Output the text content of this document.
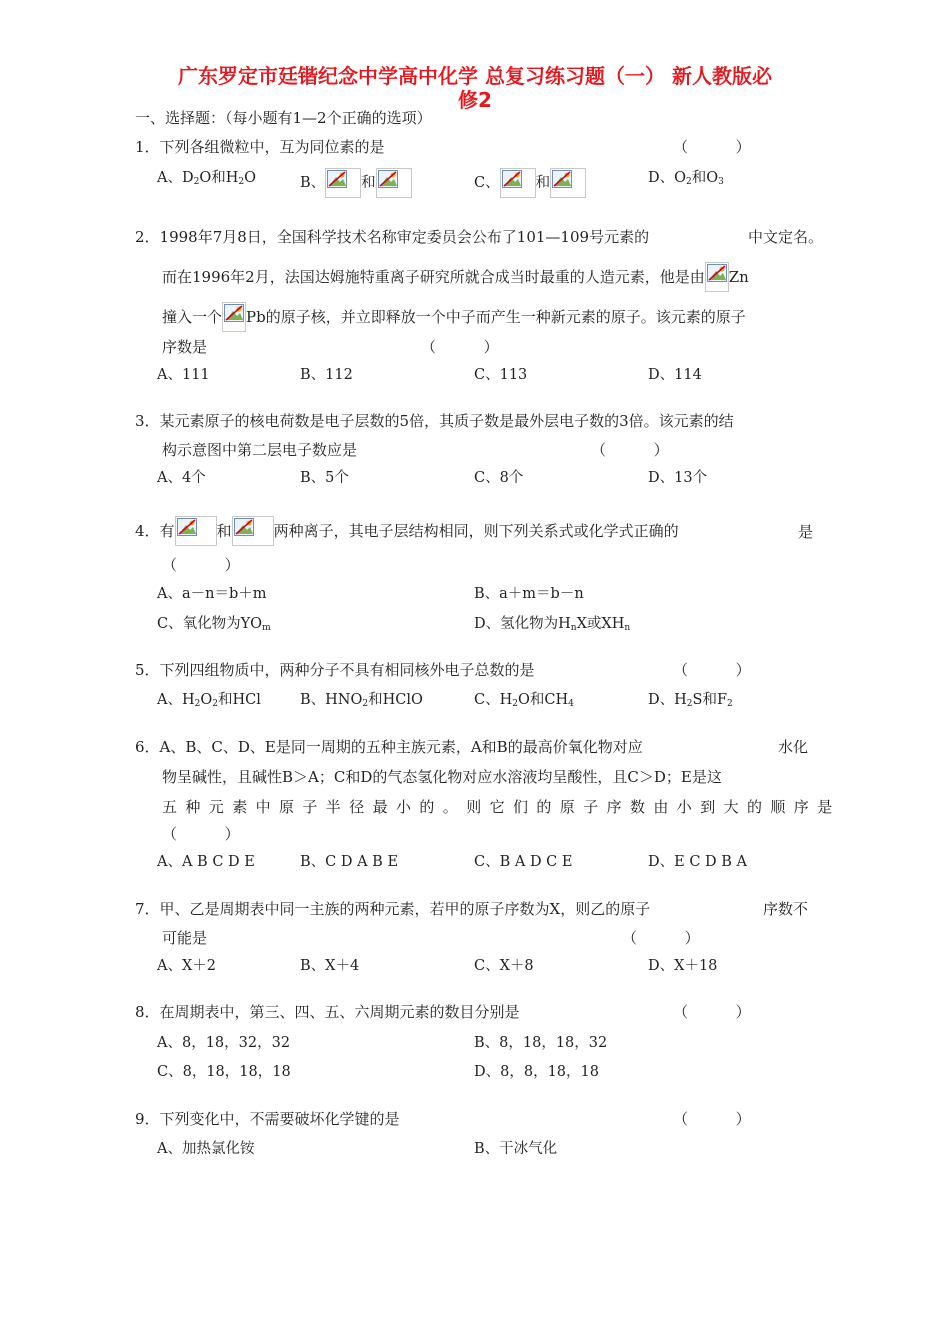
广东罗定市廷锴纪念中学高中化学 总复习练习题（一） 新人教版必
修2
一、选择题：（每小题有1—2个正确的选项）
1．下列各组微粒中，互为同位素的是	（          ）
A、$D_2O$和$H_2O$	B、 和	C、 和	D、$O_2$和$O_3$
2．1998年7月8日，全国科学技术名称审定委员会公布了101—109号元素的	中文定名。
而在1996年2月，法国达姆施特重离子研究所就合成当时最重的人造元素，他是由 Zn
撞入一个 Pb的原子核，并立即释放一个中子而产生一种新元素的原子。该元素的原子
序数是	（          ）
A、111	B、112	C、113	D、114
3．某元素原子的核电荷数是电子层数的5倍，其质子数是最外层电子数的3倍。该元素的结
构示意图中第二层电子数应是	（          ）
A、4个	B、5个	C、8个	D、13个
4．有	和	两种离子，其电子层结构相同，则下列关系式或化学式正确的	是
（          ）
A、a－n＝b＋m	B、a＋m＝b－n
C、氧化物为$YO_m$	D、氢化物为$H_nX$或$XH_n$
5．下列四组物质中，两种分子不具有相同核外电子总数的是	（          ）
A、$H_2O_2$和HCl	B、$HNO_2$和HClO	C、$H_2O$和$CH_4$	D、$H_2S$和$F_2$
6．A、B、C、D、E是同一周期的五种主族元素，A和B的最高价氧化物对应	水化
物呈碱性，且碱性B＞A；C和D的气态氢化物对应水溶液均呈酸性，且C＞D；E是这
五种元素中原子半径最小的。则它们的原子序数由小到大的顺序是
（          ）
A、A B C D E	B、C D A B E	C、B A D C E	D、E C D B A
7．甲、乙是周期表中同一主族的两种元素，若甲的原子序数为X，则乙的原子	序数不
可能是	（          ）
A、X＋2	B、X＋4	C、X＋8	D、X＋18
8．在周期表中，第三、四、五、六周期元素的数目分别是	（          ）
A、8，18，32，32	B、8，18，18，32
C、8，18，18，18	D、8，8，18，18
9．下列变化中，不需要破坏化学键的是	（          ）
A、加热氯化铵	B、干冰气化
